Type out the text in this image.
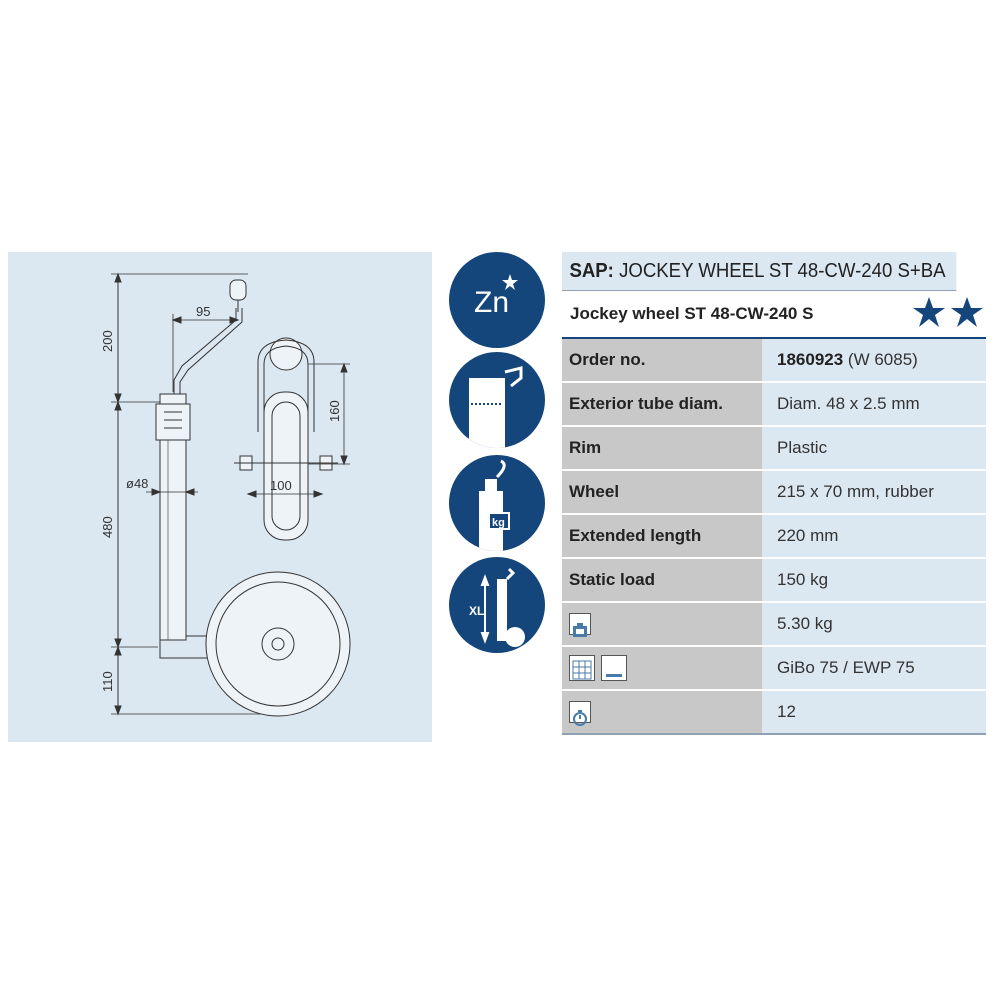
200
480
110
95
ø48
160
100
Zn
kg
XL
SAP: JOCKEY WHEEL ST 48-CW-240 S+BA
Jockey wheel ST 48-CW-240 S
Order no.	1860923 (W 6085)
Exterior tube diam.	Diam. 48 x 2.5 mm
Rim	Plastic
Wheel	215 x 70 mm, rubber
Extended length	220 mm
Static load	150 kg
5.30 kg
GiBo 75 / EWP 75
12
